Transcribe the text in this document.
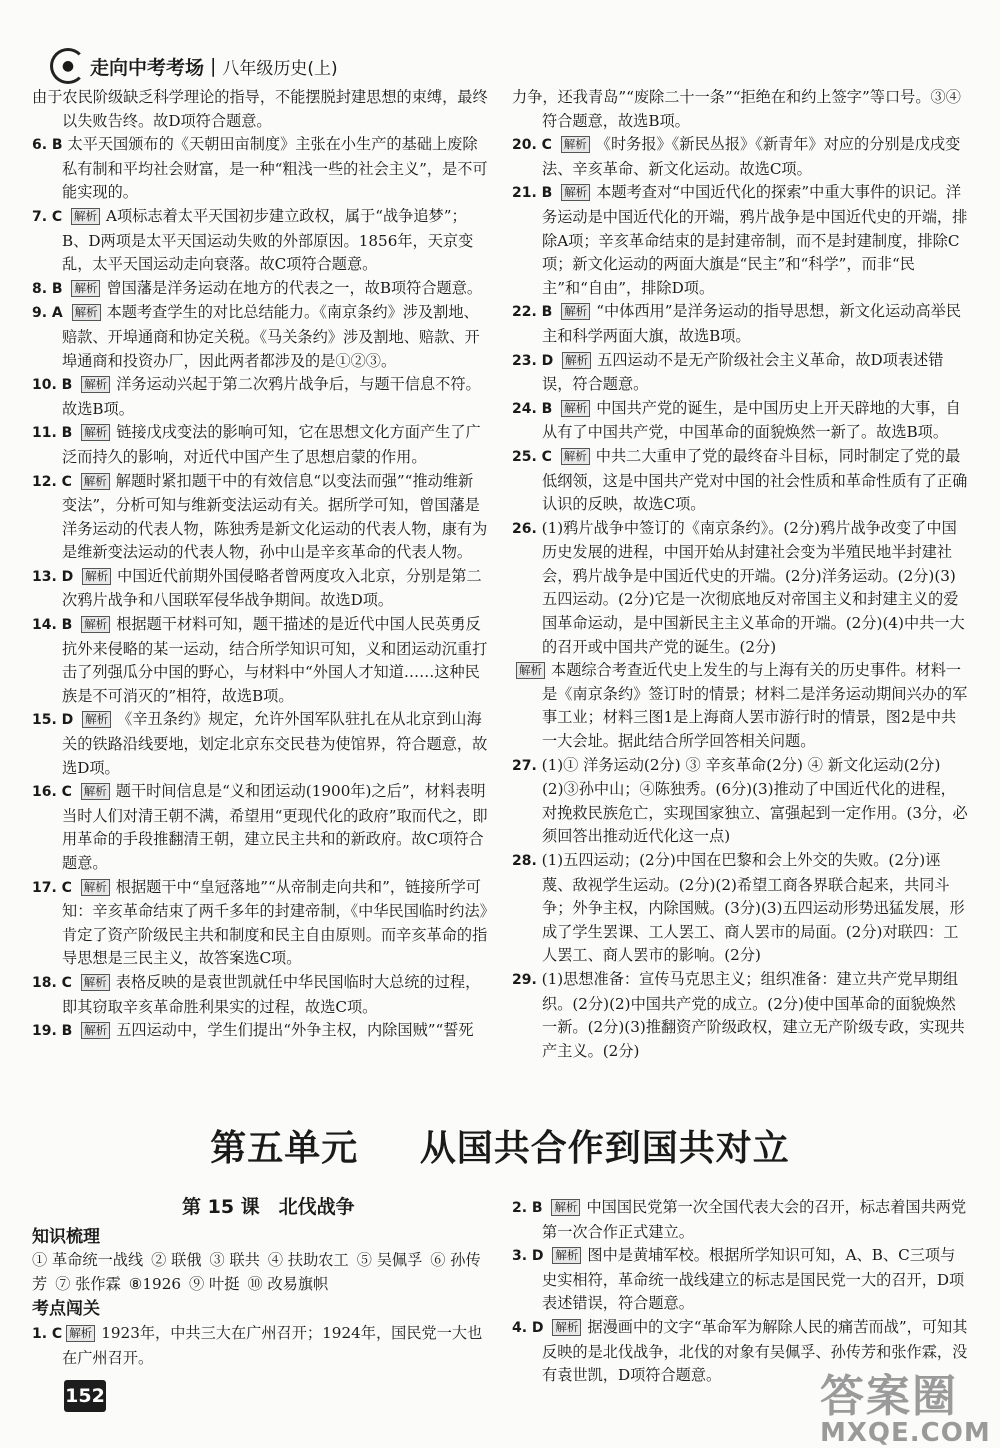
● 走向中考考场 | 八年级历史(上)

由于农民阶级缺乏科学理论的指导，不能摆脱封建思想的束缚，最终以失败告终。故D项符合题意。

6. B 太平天国颁布的《天朝田亩制度》主张在小生产的基础上废除私有制和平均社会财富，是一种“粗浅一些的社会主义”，是不可能实现的。

7. C 解析 A项标志着太平天国初步建立政权，属于“战争追梦”；B、D两项是太平天国运动失败的外部原因。1856年，天京变乱，太平天国运动走向衰落。故C项符合题意。

8. B 解析 曾国藩是洋务运动在地方的代表之一，故B项符合题意。

9. A 解析 本题考查学生的对比总结能力。《南京条约》涉及割地、赔款、开埠通商和协定关税。《马关条约》涉及割地、赔款、开埠通商和投资办厂，因此两者都涉及的是①②③。

10. B 解析 洋务运动兴起于第二次鸦片战争后，与题干信息不符。故选B项。

11. B 解析 链接戊戌变法的影响可知，它在思想文化方面产生了广泛而持久的影响，对近代中国产生了思想启蒙的作用。

12. C 解析 解题时紧扣题干中的有效信息“以变法而强”“推动维新变法”，分析可知与维新变法运动有关。据所学可知，曾国藩是洋务运动的代表人物，陈独秀是新文化运动的代表人物，康有为是维新变法运动的代表人物，孙中山是辛亥革命的代表人物。

13. D 解析 中国近代前期外国侵略者曾两度攻入北京，分别是第二次鸦片战争和八国联军侵华战争期间。故选D项。

14. B 解析 根据题干材料可知，题干描述的是近代中国人民英勇反抗外来侵略的某一运动，结合所学知识可知，义和团运动沉重打击了列强瓜分中国的野心，与材料中“外国人才知道……这种民族是不可消灭的”相符，故选B项。

15. D 解析 《辛丑条约》规定，允许外国军队驻扎在从北京到山海关的铁路沿线要地，划定北京东交民巷为使馆界，符合题意，故选D项。

16. C 解析 题干时间信息是“义和团运动(1900年)之后”，材料表明当时人们对清王朝不满，希望用“更现代化的政府”取而代之，即用革命的手段推翻清王朝，建立民主共和的新政府。故C项符合题意。

17. C 解析 根据题干中“皇冠落地”“从帝制走向共和”，链接所学可知：辛亥革命结束了两千多年的封建帝制，《中华民国临时约法》肯定了资产阶级民主共和制度和民主自由原则。而辛亥革命的指导思想是三民主义，故答案选C项。

18. C 解析 表格反映的是袁世凯就任中华民国临时大总统的过程，即其窃取辛亥革命胜利果实的过程，故选C项。

19. B 解析 五四运动中，学生们提出“外争主权，内除国贼”“誓死

力争，还我青岛”“废除二十一条”“拒绝在和约上签字”等口号。③④符合题意，故选B项。

20. C 解析 《时务报》《新民丛报》《新青年》对应的分别是戊戌变法、辛亥革命、新文化运动。故选C项。

21. B 解析 本题考查对“中国近代化的探索”中重大事件的识记。洋务运动是中国近代化的开端，鸦片战争是中国近代史的开端，排除A项；辛亥革命结束的是封建帝制，而不是封建制度，排除C项；新文化运动的两面大旗是“民主”和“科学”，而非“民主”和“自由”，排除D项。

22. B 解析 “中体西用”是洋务运动的指导思想，新文化运动高举民主和科学两面大旗，故选B项。

23. D 解析 五四运动不是无产阶级社会主义革命，故D项表述错误，符合题意。

24. B 解析 中国共产党的诞生，是中国历史上开天辟地的大事，自从有了中国共产党，中国革命的面貌焕然一新了。故选B项。

25. C 解析 中共二大重申了党的最终奋斗目标，同时制定了党的最低纲领，这是中国共产党对中国的社会性质和革命性质有了正确认识的反映，故选C项。

26. (1)鸦片战争中签订的《南京条约》。(2分)鸦片战争改变了中国历史发展的进程，中国开始从封建社会变为半殖民地半封建社会，鸦片战争是中国近代史的开端。(2分)洋务运动。(2分)(3)五四运动。(2分)它是一次彻底地反对帝国主义和封建主义的爱国革命运动，是中国新民主主义革命的开端。(2分)(4)中共一大的召开或中国共产党的诞生。(2分)

解析 本题综合考查近代史上发生的与上海有关的历史事件。材料一是《南京条约》签订时的情景；材料二是洋务运动期间兴办的军事工业；材料三图1是上海商人罢市游行时的情景，图2是中共一大会址。据此结合所学回答相关问题。

27. (1)① 洋务运动(2分) ③ 辛亥革命(2分) ④ 新文化运动(2分)(2)③孙中山；④陈独秀。(6分)(3)推动了中国近代化的进程，对挽救民族危亡，实现国家独立、富强起到一定作用。(3分，必须回答出推动近代化这一点)

28. (1)五四运动；(2分)中国在巴黎和会上外交的失败。(2分)诬蔑、敌视学生运动。(2分)(2)希望工商各界联合起来，共同斗争；外争主权，内除国贼。(3分)(3)五四运动形势迅猛发展，形成了学生罢课、工人罢工、商人罢市的局面。(2分)对联四：工人罢工、商人罢市的影响。(2分)

29. (1)思想准备：宣传马克思主义；组织准备：建立共产党早期组织。(2分)(2)中国共产党的成立。(2分)使中国革命的面貌焕然一新。(2分)(3)推翻资产阶级政权，建立无产阶级专政，实现共产主义。(2分)

第五单元 从国共合作到国共对立

第 15 课　北伐战争

知识梳理

① 革命统一战线 ② 联俄 ③ 联共 ④ 扶助农工 ⑤ 吴佩孚 ⑥ 孙传芳 ⑦ 张作霖 ⑧1926 ⑨ 叶挺 ⑩ 改易旗帜

考点闯关

1. C 解析 1923年，中共三大在广州召开；1924年，国民党一大也在广州召开。

2. B 解析 中国国民党第一次全国代表大会的召开，标志着国共两党第一次合作正式建立。

3. D 解析 图中是黄埔军校。根据所学知识可知，A、B、C三项与史实相符，革命统一战线建立的标志是国民党一大的召开，D项表述错误，符合题意。

4. D 解析 据漫画中的文字“革命军为解除人民的痛苦而战”，可知其反映的是北伐战争，北伐的对象有吴佩孚、孙传芳和张作霖，没有袁世凯，D项符合题意。

152	答案圈
MXQE.COM
